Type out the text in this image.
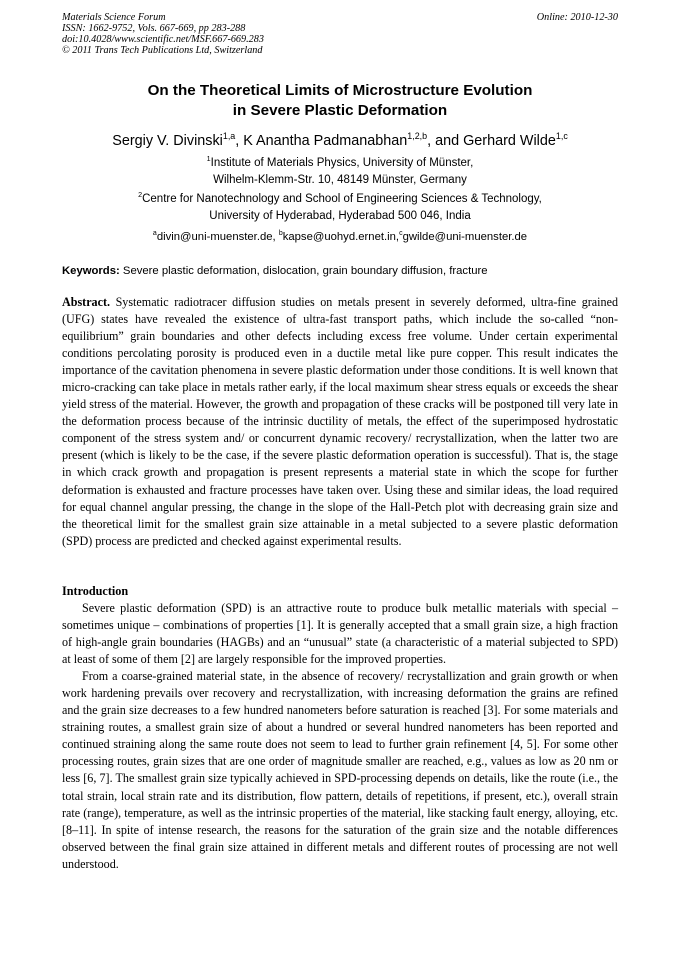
Materials Science Forum
ISSN: 1662-9752, Vols. 667-669, pp 283-288
doi:10.4028/www.scientific.net/MSF.667-669.283
© 2011 Trans Tech Publications Ltd, Switzerland
Online: 2010-12-30
On the Theoretical Limits of Microstructure Evolution
in Severe Plastic Deformation
Sergiy V. Divinski$^{1,a}$, K Anantha Padmanabhan$^{1,2,b}$, and Gerhard Wilde$^{1,c}$
$^1$Institute of Materials Physics, University of Münster,
Wilhelm-Klemm-Str. 10, 48149 Münster, Germany
$^2$Centre for Nanotechnology and School of Engineering Sciences & Technology,
University of Hyderabad, Hyderabad 500 046, India
$^a$divin@uni-muenster.de, $^b$kapse@uohyd.ernet.in,$^c$gwilde@uni-muenster.de
Keywords: Severe plastic deformation, dislocation, grain boundary diffusion, fracture
Abstract. Systematic radiotracer diffusion studies on metals present in severely deformed, ultra-fine grained (UFG) states have revealed the existence of ultra-fast transport paths, which include the so-called “non-equilibrium” grain boundaries and other defects including excess free volume. Under certain experimental conditions percolating porosity is produced even in a ductile metal like pure copper. This result indicates the importance of the cavitation phenomena in severe plastic deformation under those conditions. It is well known that micro-cracking can take place in metals rather early, if the local maximum shear stress equals or exceeds the shear yield stress of the material. However, the growth and propagation of these cracks will be postponed till very late in the deformation process because of the intrinsic ductility of metals, the effect of the superimposed hydrostatic component of the stress system and/ or concurrent dynamic recovery/ recrystallization, when the latter two are present (which is likely to be the case, if the severe plastic deformation operation is successful). That is, the stage in which crack growth and propagation is present represents a material state in which the scope for further deformation is exhausted and fracture processes have taken over. Using these and similar ideas, the load required for equal channel angular pressing, the change in the slope of the Hall-Petch plot with decreasing grain size and the theoretical limit for the smallest grain size attainable in a metal subjected to a severe plastic deformation (SPD) process are predicted and checked against experimental results.
Introduction

Severe plastic deformation (SPD) is an attractive route to produce bulk metallic materials with special – sometimes unique – combinations of properties [1]. It is generally accepted that a small grain size, a high fraction of high-angle grain boundaries (HAGBs) and an “unusual” state (a characteristic of a material subjected to SPD) at least of some of them [2] are largely responsible for the improved properties.

From a coarse-grained material state, in the absence of recovery/ recrystallization and grain growth or when work hardening prevails over recovery and recrystallization, with increasing deformation the grains are refined and the grain size decreases to a few hundred nanometers before saturation is reached [3]. For some materials and straining routes, a smallest grain size of about a hundred or several hundred nanometers has been reported and continued straining along the same route does not seem to lead to further grain refinement [4, 5]. For some other processing routes, grain sizes that are one order of magnitude smaller are reached, e.g., values as low as 20 nm or less [6, 7]. The smallest grain size typically achieved in SPD-processing depends on details, like the route (i.e., the total strain, local strain rate and its distribution, flow pattern, details of repetitions, if present, etc.), overall strain rate (range), temperature, as well as the intrinsic properties of the material, like stacking fault energy, alloying, etc. [8–11]. In spite of intense research, the reasons for the saturation of the grain size and the notable differences observed between the final grain size attained in different metals and different routes of processing are not well understood.
